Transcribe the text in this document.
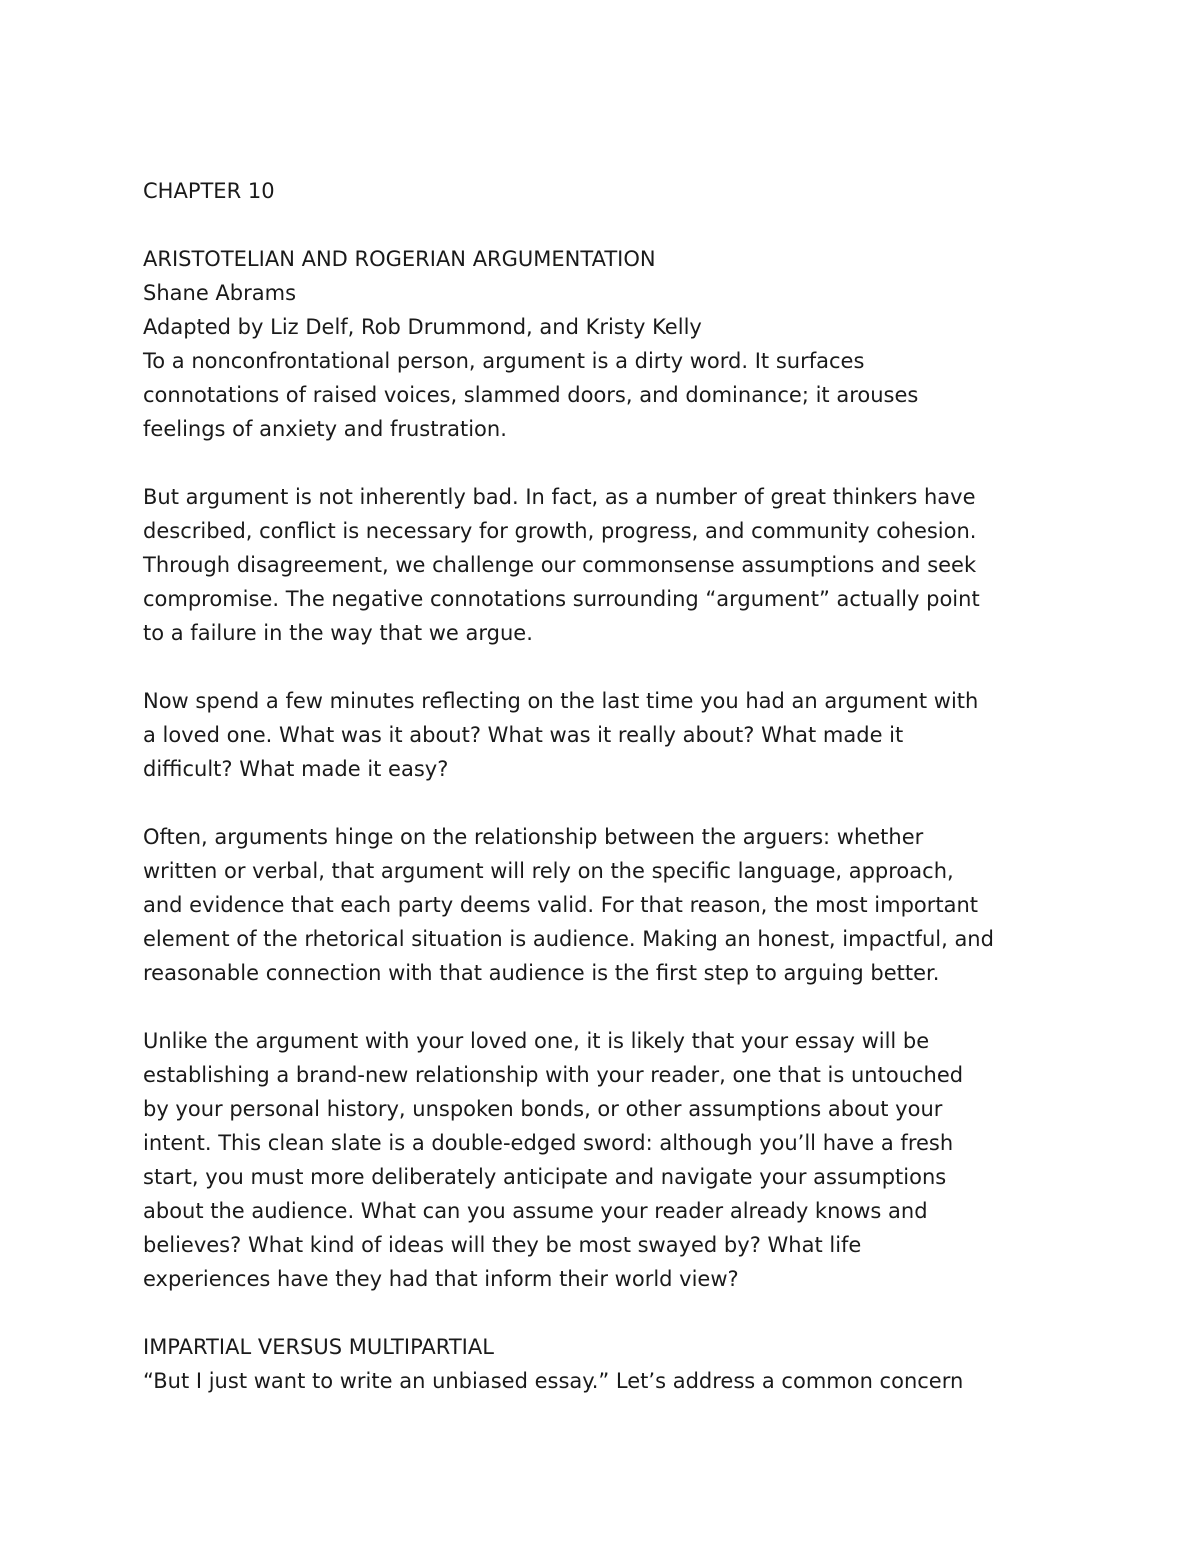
CHAPTER 10
ARISTOTELIAN AND ROGERIAN ARGUMENTATION
Shane Abrams
Adapted by Liz Delf, Rob Drummond, and Kristy Kelly
To a nonconfrontational person, argument is a dirty word. It surfaces
connotations of raised voices, slammed doors, and dominance; it arouses
feelings of anxiety and frustration.
But argument is not inherently bad. In fact, as a number of great thinkers have
described, conflict is necessary for growth, progress, and community cohesion.
Through disagreement, we challenge our commonsense assumptions and seek
compromise. The negative connotations surrounding “argument” actually point
to a failure in the way that we argue.
Now spend a few minutes reflecting on the last time you had an argument with
a loved one. What was it about? What was it really about? What made it
difficult? What made it easy?
Often, arguments hinge on the relationship between the arguers: whether
written or verbal, that argument will rely on the specific language, approach,
and evidence that each party deems valid. For that reason, the most important
element of the rhetorical situation is audience. Making an honest, impactful, and
reasonable connection with that audience is the first step to arguing better.
Unlike the argument with your loved one, it is likely that your essay will be
establishing a brand-new relationship with your reader, one that is untouched
by your personal history, unspoken bonds, or other assumptions about your
intent. This clean slate is a double-edged sword: although you’ll have a fresh
start, you must more deliberately anticipate and navigate your assumptions
about the audience. What can you assume your reader already knows and
believes? What kind of ideas will they be most swayed by? What life
experiences have they had that inform their world view?
IMPARTIAL VERSUS MULTIPARTIAL
“But I just want to write an unbiased essay.” Let’s address a common concern
